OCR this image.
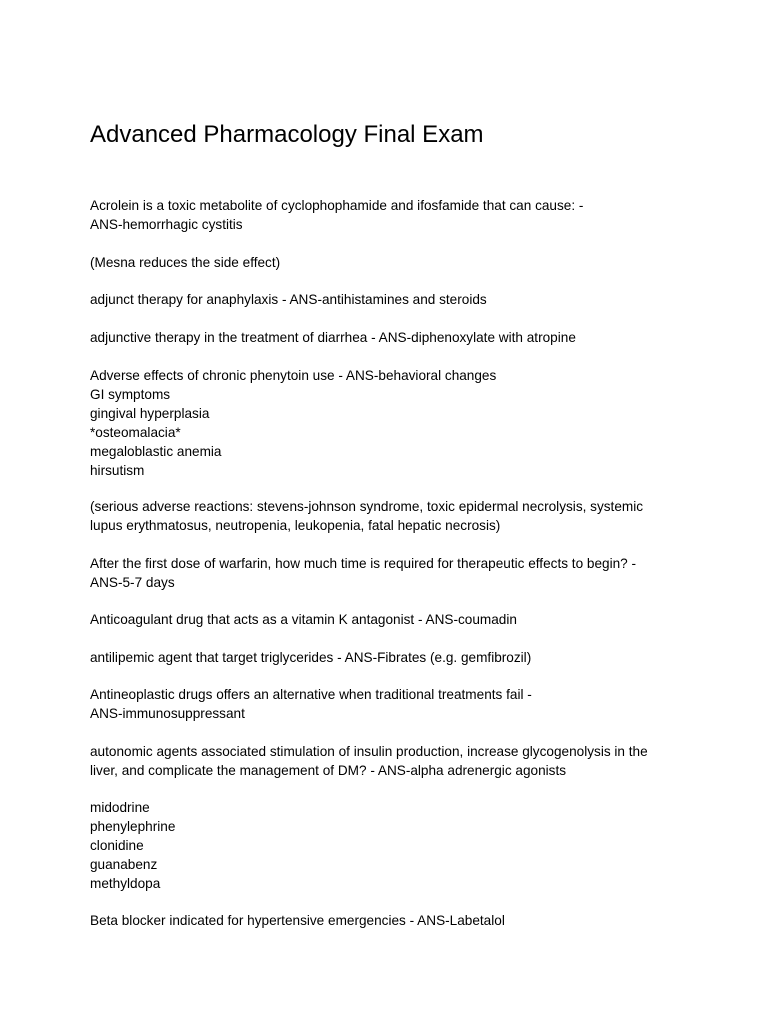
Advanced Pharmacology Final Exam

Acrolein is a toxic metabolite of cyclophophamide and ifosfamide that can cause: -
ANS-hemorrhagic cystitis

(Mesna reduces the side effect)

adjunct therapy for anaphylaxis - ANS-antihistamines and steroids

adjunctive therapy in the treatment of diarrhea - ANS-diphenoxylate with atropine

Adverse effects of chronic phenytoin use - ANS-behavioral changes
GI symptoms
gingival hyperplasia
*osteomalacia*
megaloblastic anemia
hirsutism

(serious adverse reactions: stevens-johnson syndrome, toxic epidermal necrolysis, systemic
lupus erythmatosus, neutropenia, leukopenia, fatal hepatic necrosis)

After the first dose of warfarin, how much time is required for therapeutic effects to begin? -
ANS-5-7 days

Anticoagulant drug that acts as a vitamin K antagonist - ANS-coumadin

antilipemic agent that target triglycerides - ANS-Fibrates (e.g. gemfibrozil)

Antineoplastic drugs offers an alternative when traditional treatments fail -
ANS-immunosuppressant

autonomic agents associated stimulation of insulin production, increase glycogenolysis in the
liver, and complicate the management of DM? - ANS-alpha adrenergic agonists

midodrine
phenylephrine
clonidine
guanabenz
methyldopa

Beta blocker indicated for hypertensive emergencies - ANS-Labetalol
